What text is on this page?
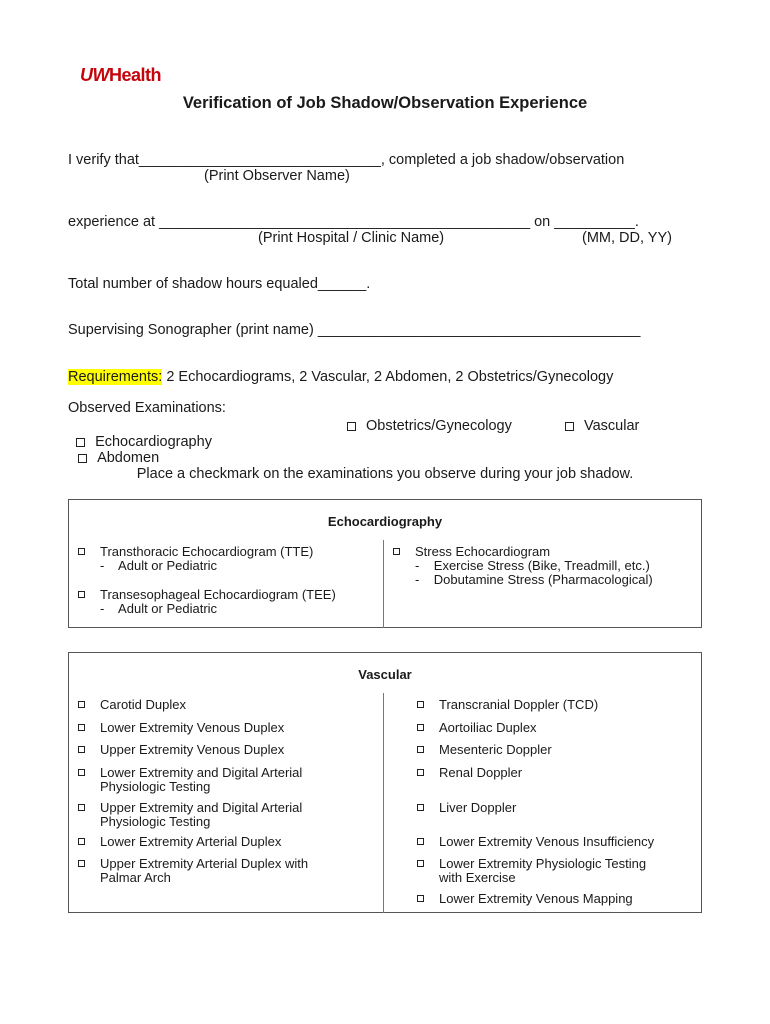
UWHealth
Verification of Job Shadow/Observation Experience
I verify that______________________________, completed a job shadow/observation
(Print Observer Name)
experience at ______________________________________________ on __________.
(Print Hospital / Clinic Name)	(MM, DD, YY)
Total number of shadow hours equaled______.
Supervising Sonographer (print name) ________________________________________
Requirements: 2 Echocardiograms, 2 Vascular, 2 Abdomen, 2 Obstetrics/Gynecology
Observed Examinations:

Echocardiography
Abdomen

Obstetrics/Gynecology	Vascular
Place a checkmark on the examinations you observe during your job shadow.
Echocardiography
Transthoracic Echocardiogram (TTE)
-    Adult or Pediatric
Transesophageal Echocardiogram (TEE)
-    Adult or Pediatric
Stress Echocardiogram
-    Exercise Stress (Bike, Treadmill, etc.)
-    Dobutamine Stress (Pharmacological)
Vascular
Carotid Duplex
Lower Extremity Venous Duplex
Upper Extremity Venous Duplex
Lower Extremity and Digital Arterial
Physiologic Testing
Upper Extremity and Digital Arterial
Physiologic Testing
Lower Extremity Arterial Duplex
Upper Extremity Arterial Duplex with
Palmar Arch
Transcranial Doppler (TCD)
Aortoiliac Duplex
Mesenteric Doppler
Renal Doppler
Liver Doppler
Lower Extremity Venous Insufficiency
Lower Extremity Physiologic Testing
with Exercise
Lower Extremity Venous Mapping
